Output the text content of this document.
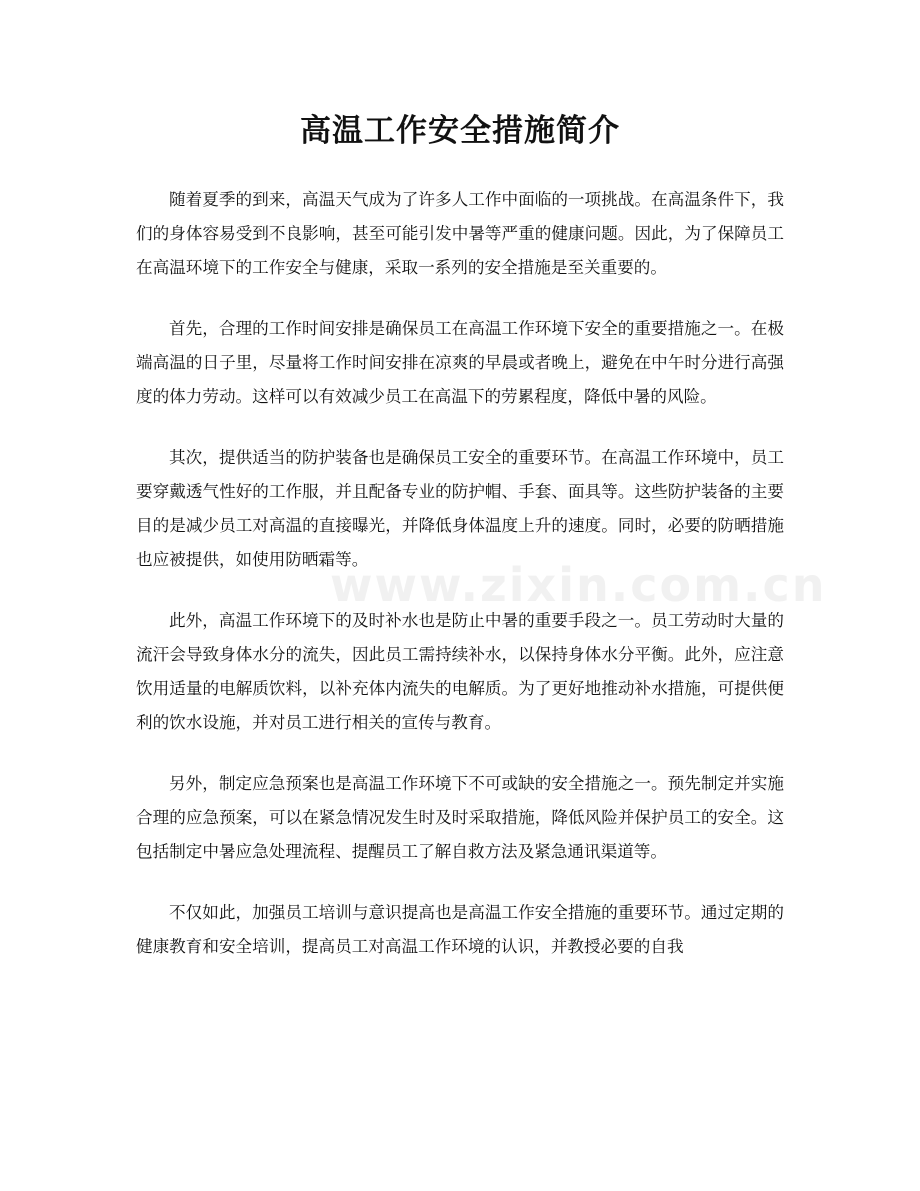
高温工作安全措施简介
www.zixin.com.cn

随着夏季的到来，高温天气成为了许多人工作中面临的一项挑战。在高温条件下，我们的身体容易受到不良影响，甚至可能引发中暑等严重的健康问题。因此，为了保障员工在高温环境下的工作安全与健康，采取一系列的安全措施是至关重要的。

首先，合理的工作时间安排是确保员工在高温工作环境下安全的重要措施之一。在极端高温的日子里，尽量将工作时间安排在凉爽的早晨或者晚上，避免在中午时分进行高强度的体力劳动。这样可以有效减少员工在高温下的劳累程度，降低中暑的风险。

其次，提供适当的防护装备也是确保员工安全的重要环节。在高温工作环境中，员工要穿戴透气性好的工作服，并且配备专业的防护帽、手套、面具等。这些防护装备的主要目的是减少员工对高温的直接曝光，并降低身体温度上升的速度。同时，必要的防晒措施也应被提供，如使用防晒霜等。

此外，高温工作环境下的及时补水也是防止中暑的重要手段之一。员工劳动时大量的流汗会导致身体水分的流失，因此员工需持续补水，以保持身体水分平衡。此外，应注意饮用适量的电解质饮料，以补充体内流失的电解质。为了更好地推动补水措施，可提供便利的饮水设施，并对员工进行相关的宣传与教育。

另外，制定应急预案也是高温工作环境下不可或缺的安全措施之一。预先制定并实施合理的应急预案，可以在紧急情况发生时及时采取措施，降低风险并保护员工的安全。这包括制定中暑应急处理流程、提醒员工了解自救方法及紧急通讯渠道等。

不仅如此，加强员工培训与意识提高也是高温工作安全措施的重要环节。通过定期的健康教育和安全培训，提高员工对高温工作环境的认识，并教授必要的自我
